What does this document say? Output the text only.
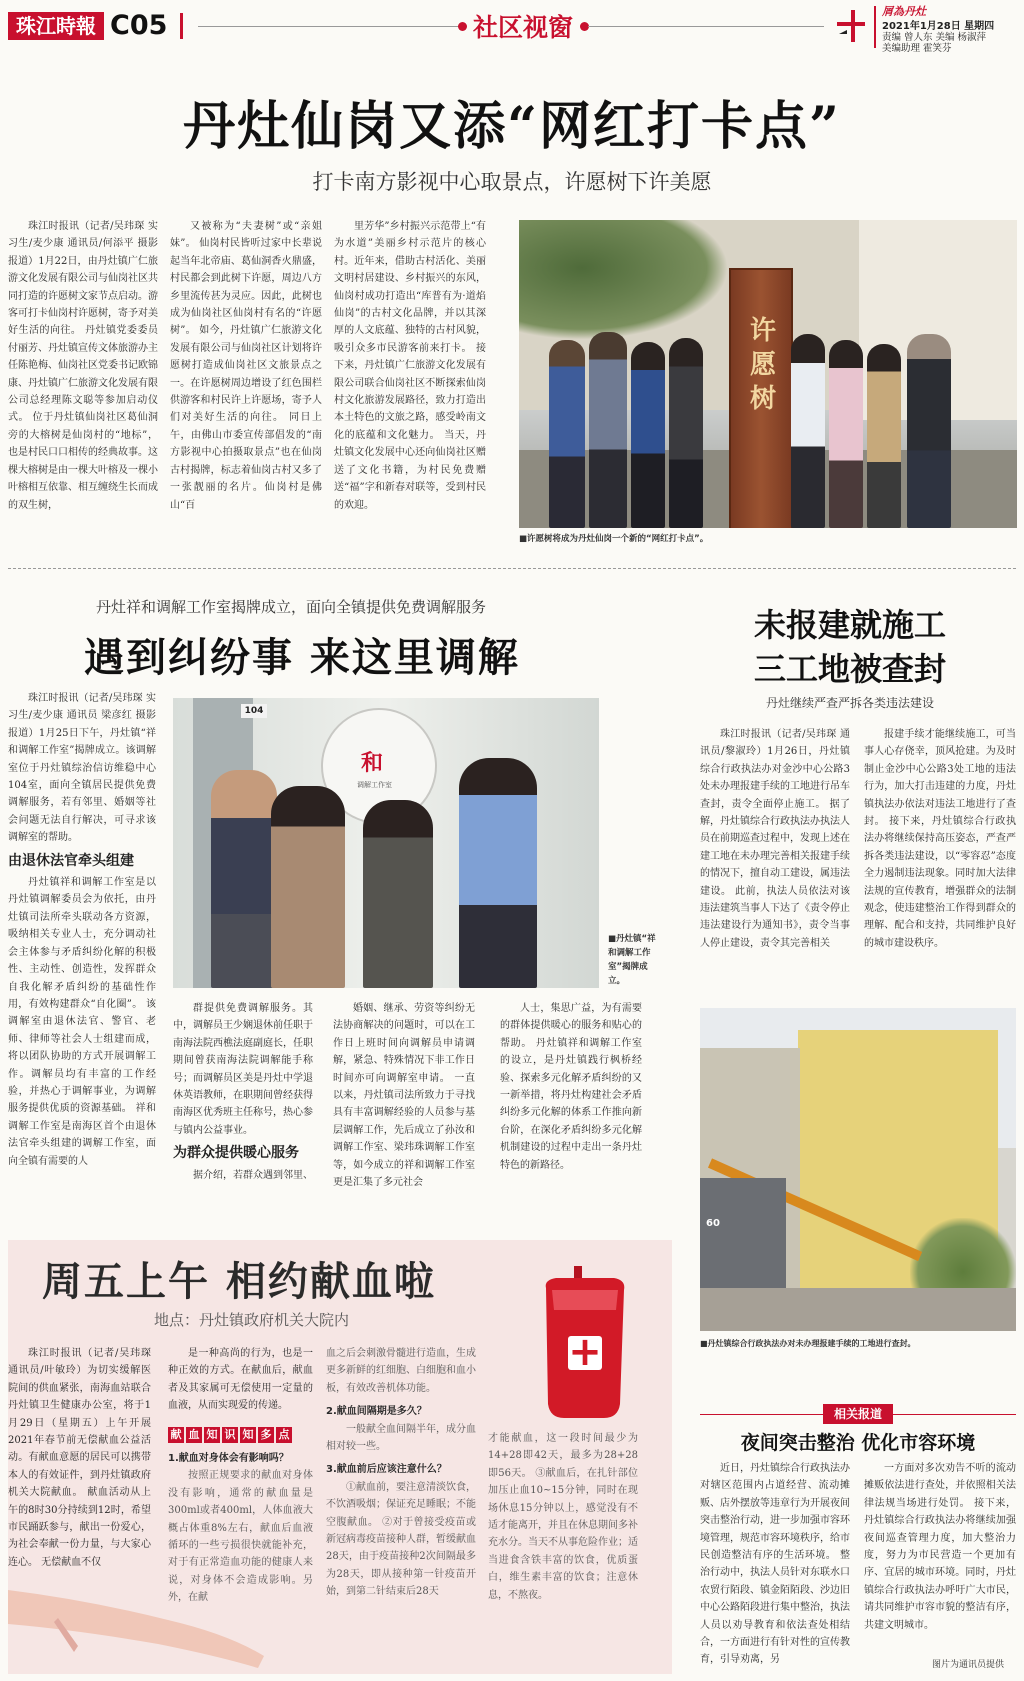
珠江時報 C05	社区视窗
屑為丹灶
2021年1月28日 星期四
责编 曾人东 美编 杨淑萍
美编助理 霍笑芬
丹灶仙岗又添“网红打卡点”
打卡南方影视中心取景点，许愿树下许美愿

珠江时报讯（记者/吴玮琛 实习生/麦少康 通讯员/何添平 摄影报道）1月22日，由丹灶镇广仁旅游文化发展有限公司与仙岗社区共同打造的许愿树文家节点启动。游客可打卡仙岗村许愿树，寄予对美好生活的向往。 丹灶镇党委委员付丽芳、丹灶镇宣传文体旅游办主任陈艳梅、仙岗社区党委书记欧锦康、丹灶镇广仁旅游文化发展有限公司总经理陈文聪等参加启动仪式。 位于丹灶镇仙岗社区葛仙洞旁的大榕树是仙岗村的“地标”，也是村民口口相传的经典故事。这棵大榕树是由一棵大叶榕及一棵小叶榕相互依靠、相互缠绕生长而成的双生树，

又被称为“夫妻树”或“亲姐妹”。 仙岗村民皆听过家中长辈说起当年北帝庙、葛仙洞香火鼎盛，村民都会到此树下许愿，周边八方乡里流传甚为灵应。因此，此树也成为仙岗社区仙岗村有名的“许愿树”。 如今，丹灶镇广仁旅游文化发展有限公司与仙岗社区计划将许愿树打造成仙岗社区文旅景点之一。在许愿树周边增设了红色围栏供游客和村民许上许愿场，寄予人们对美好生活的向往。 同日上午，由佛山市委宣传部倡发的“南方影视中心拍摄取景点”也在仙岗古村揭牌，标志着仙岗古村又多了一张靓丽的名片。仙岗村是佛山“百

里芳华”乡村振兴示范带上“有为水道”美丽乡村示范片的核心村。近年来，借助古村活化、美丽文明村居建设、乡村振兴的东风，仙岗村成功打造出“库普有为·道焰仙岗”的古村文化品牌，并以其深厚的人文底蕴、独特的古村风貌，吸引众多市民游客前来打卡。 接下来，丹灶镇广仁旅游文化发展有限公司联合仙岗社区不断探索仙岗村文化旅游发展路径，致力打造出本土特色的文旅之路，感受岭南文化的底蕴和文化魅力。 当天，丹灶镇文化发展中心还向仙岗社区赠送了文化书籍，为村民免费赠送“福”字和新春对联等，受到村民的欢迎。

许愿树
■许愿树将成为丹灶仙岗一个新的“网红打卡点”。
丹灶祥和调解工作室揭牌成立，面向全镇提供免费调解服务
遇到纠纷事 来这里调解

珠江时报讯（记者/吴玮琛 实习生/麦少康 通讯员 梁彦红 摄影报道）1月25日下午，丹灶镇“祥和调解工作室”揭牌成立。该调解室位于丹灶镇综治信访维稳中心104室，面向全镇居民提供免费调解服务，若有邻里、婚姻等社会问题无法自行解决，可寻求该调解室的帮助。

由退休法官牵头组建

丹灶镇祥和调解工作室是以丹灶镇调解委员会为依托，由丹灶镇司法所牵头联动各方资源，吸纳相关专业人士，充分调动社会主体参与矛盾纠纷化解的积极性、主动性、创造性，发挥群众自我化解矛盾纠纷的基础性作用，有效构建群众“自化圈”。 该调解室由退休法官、警官、老师、律师等社会人士组建而成，将以团队协助的方式开展调解工作。调解员均有丰富的工作经验，并热心于调解事业，为调解服务提供优质的资源基础。 祥和调解工作室是南海区首个由退休法官牵头组建的调解工作室，面向全镇有需要的人

104
和
调解工作室
■丹灶镇“祥和调解工作室”揭牌成立。

群提供免费调解服务。其中，调解员王少娴退休前任职于南海法院西樵法庭副庭长，任职期间曾获南海法院调解能手称号；而调解员区美是丹灶中学退休英语教师，在职期间曾经获得南海区优秀班主任称号，热心参与镇内公益事业。

为群众提供暖心服务

据介绍，若群众遇到邻里、

婚姻、继承、劳资等纠纷无法协商解决的问题时，可以在工作日上班时间向调解员申请调解，紧急、特殊情况下非工作日时间亦可向调解室申请。 一直以来，丹灶镇司法所致力于寻找具有丰富调解经验的人员参与基层调解工作，先后成立了孙汝和调解工作室、梁玮珠调解工作室等，如今成立的祥和调解工作室更是汇集了多元社会

人士，集思广益，为有需要的群体提供暖心的服务和贴心的帮助。 丹灶镇祥和调解工作室的设立，是丹灶镇践行枫桥经验、探索多元化解矛盾纠纷的又一新举措，将丹灶构建社会矛盾纠纷多元化解的体系工作推向新台阶，在深化矛盾纠纷多元化解机制建设的过程中走出一条丹灶特色的新路径。

未报建就施工
三工地被查封
丹灶继续严查严拆各类违法建设

珠江时报讯（记者/吴玮琛 通讯员/黎淑玲）1月26日，丹灶镇综合行政执法办对金沙中心公路3处未办理报建手续的工地进行吊车查封，责令全面停止施工。 据了解，丹灶镇综合行政执法办执法人员在前期巡查过程中，发现上述在建工地在未办理完善相关报建手续的情况下，擅自动工建设，属违法建设。 此前，执法人员依法对该违法建筑当事人下达了《责令停止违法建设行为通知书》，责令当事人停止建设，责令其完善相关

报建手续才能继续施工，可当事人心存侥幸，顶风抢建。为及时制止金沙中心公路3处工地的违法行为，加大打击违建的力度，丹灶镇执法办依法对违法工地进行了查封。 接下来，丹灶镇综合行政执法办将继续保持高压姿态，严查严拆各类违法建设，以“零容忍”态度全力遏制违法现象。同时加大法律法规的宣传教育，增强群众的法制观念，使违建整治工作得到群众的理解、配合和支持，共同维护良好的城市建设秩序。

60
■丹灶镇综合行政执法办对未办理报建手续的工地进行查封。
周五上午 相约献血啦
地点：丹灶镇政府机关大院内
+

珠江时报讯（记者/吴玮琛 通讯员/叶敏玲）为切实缓解医院间的供血紧张，南海血站联合丹灶镇卫生健康办公室，将于1月29日（星期五）上午开展2021年春节前无偿献血公益活动。有献血意愿的居民可以携带本人的有效证件，到丹灶镇政府机关大院献血。 献血活动从上午的8时30分持续到12时，希望市民踊跃参与，献出一份爱心，为社会奉献一份力量，与大家心连心。 无偿献血不仅

是一种高尚的行为，也是一种正效的方式。在献血后，献血者及其家属可无偿使用一定量的血液，从而实现爱的传递。

献 血 知 识 知 多 点
1.献血对身体会有影响吗？

按照正规要求的献血对身体没有影响，通常的献血量是300ml或者400ml，人体血液大概占体重8%左右，献血后血液循环的一些亏损很快就能补充，对于有正常造血功能的健康人来说，对身体不会造成影响。另外，在献

血之后会刺激骨髓进行造血，生成更多新鲜的红细胞、白细胞和血小板，有效改善机体功能。

2.献血间隔期是多久？

一般献全血间隔半年，成分血相对较一些。

3.献血前后应该注意什么？

①献血前，要注意清淡饮食，不饮酒吸烟；保证充足睡眠；不能空腹献血。 ②对于曾接受疫苗或新冠病毒疫苗接种人群，暂缓献血28天，由于疫苗接种2次间隔最多为28天，即从接种第一针疫苗开始，到第二针结束后28天

才能献血，这一段时间最少为14+28即42天，最多为28+28即56天。 ③献血后，在扎针部位加压止血10~15分钟，同时在现场休息15分钟以上，感觉没有不适才能离开，并且在休息期间多补充水分。当天不从事危险作业；适当进食含铁丰富的饮食，优质蛋白，维生素丰富的饮食；注意休息，不熬夜。

相关报道
夜间突击整治 优化市容环境

近日，丹灶镇综合行政执法办对辖区范围内占道经营、流动摊贩、店外摆放等违章行为开展夜间突击整治行动，进一步加强市容环境管理，规范市容环境秩序，给市民创造整洁有序的生活环境。 整治行动中，执法人员针对东联水口农贸行陌段、镇金陌陌段、沙边旧中心公路陌段进行集中整治，执法人员以劝导教育和依法查处相结合，一方面进行有针对性的宣传教育，引导劝离，另

一方面对多次劝告不听的流动摊贩依法进行查处，并依照相关法律法规当场进行处罚。 接下来，丹灶镇综合行政执法办将继续加强夜间巡查管理力度，加大整治力度，努力为市民营造一个更加有序、宜居的城市环境。同时，丹灶镇综合行政执法办呼吁广大市民，请共同维护市容市貌的整洁有序，共建文明城市。

图片为通讯员提供
